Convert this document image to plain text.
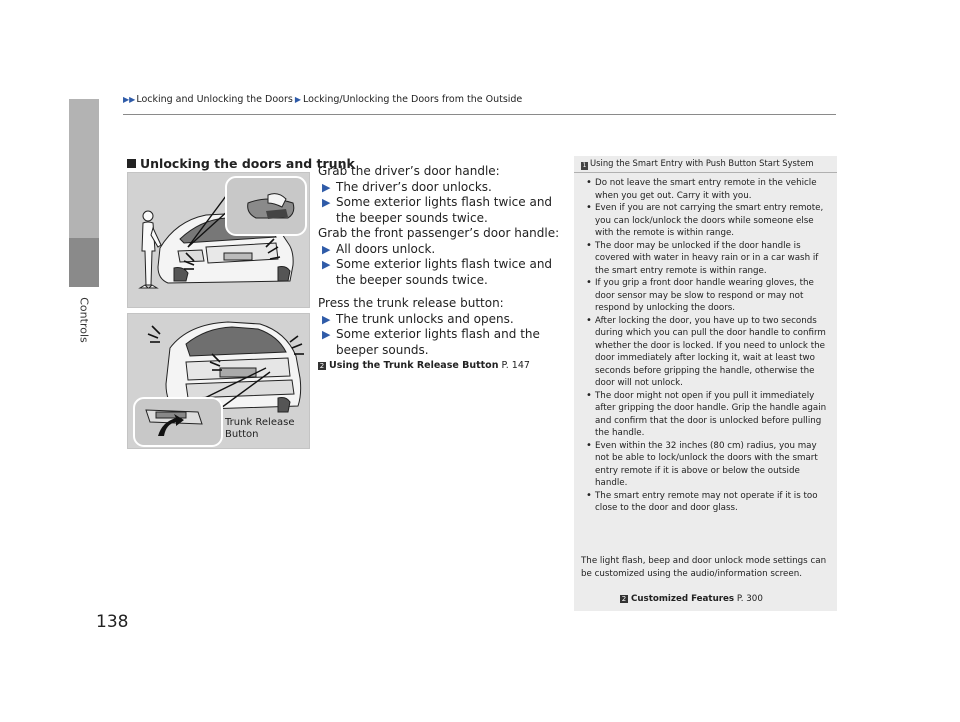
▶▶Locking and Unlocking the Doors ▶ Locking/Unlocking the Doors from the Outside
Controls
138
Unlocking the doors and trunk
Trunk Release
Button

Grab the driver’s door handle:

▶ The driver’s door unlocks.

▶ Some exterior lights flash twice and the beeper sounds twice.

Grab the front passenger’s door handle:

▶ All doors unlock.

▶ Some exterior lights flash twice and the beeper sounds twice.

Press the trunk release button:

▶ The trunk unlocks and opens.

▶ Some exterior lights flash and the beeper sounds.

2 Using the Trunk Release Button P. 147

1 Using the Smart Entry with Push Button Start System
• Do not leave the smart entry remote in the vehicle when you get out. Carry it with you.
• Even if you are not carrying the smart entry remote, you can lock/unlock the doors while someone else with the remote is within range.
• The door may be unlocked if the door handle is covered with water in heavy rain or in a car wash if the smart entry remote is within range.
• If you grip a front door handle wearing gloves, the door sensor may be slow to respond or may not respond by unlocking the doors.
• After locking the door, you have up to two seconds during which you can pull the door handle to confirm whether the door is locked. If you need to unlock the door immediately after locking it, wait at least two seconds before gripping the handle, otherwise the door will not unlock.
• The door might not open if you pull it immediately after gripping the door handle. Grip the handle again and confirm that the door is unlocked before pulling the handle.
• Even within the 32 inches (80 cm) radius, you may not be able to lock/unlock the doors with the smart entry remote if it is above or below the outside handle.
• The smart entry remote may not operate if it is too close to the door and door glass.
The light flash, beep and door unlock mode settings can be customized using the audio/information screen.
2 Customized Features P. 300
